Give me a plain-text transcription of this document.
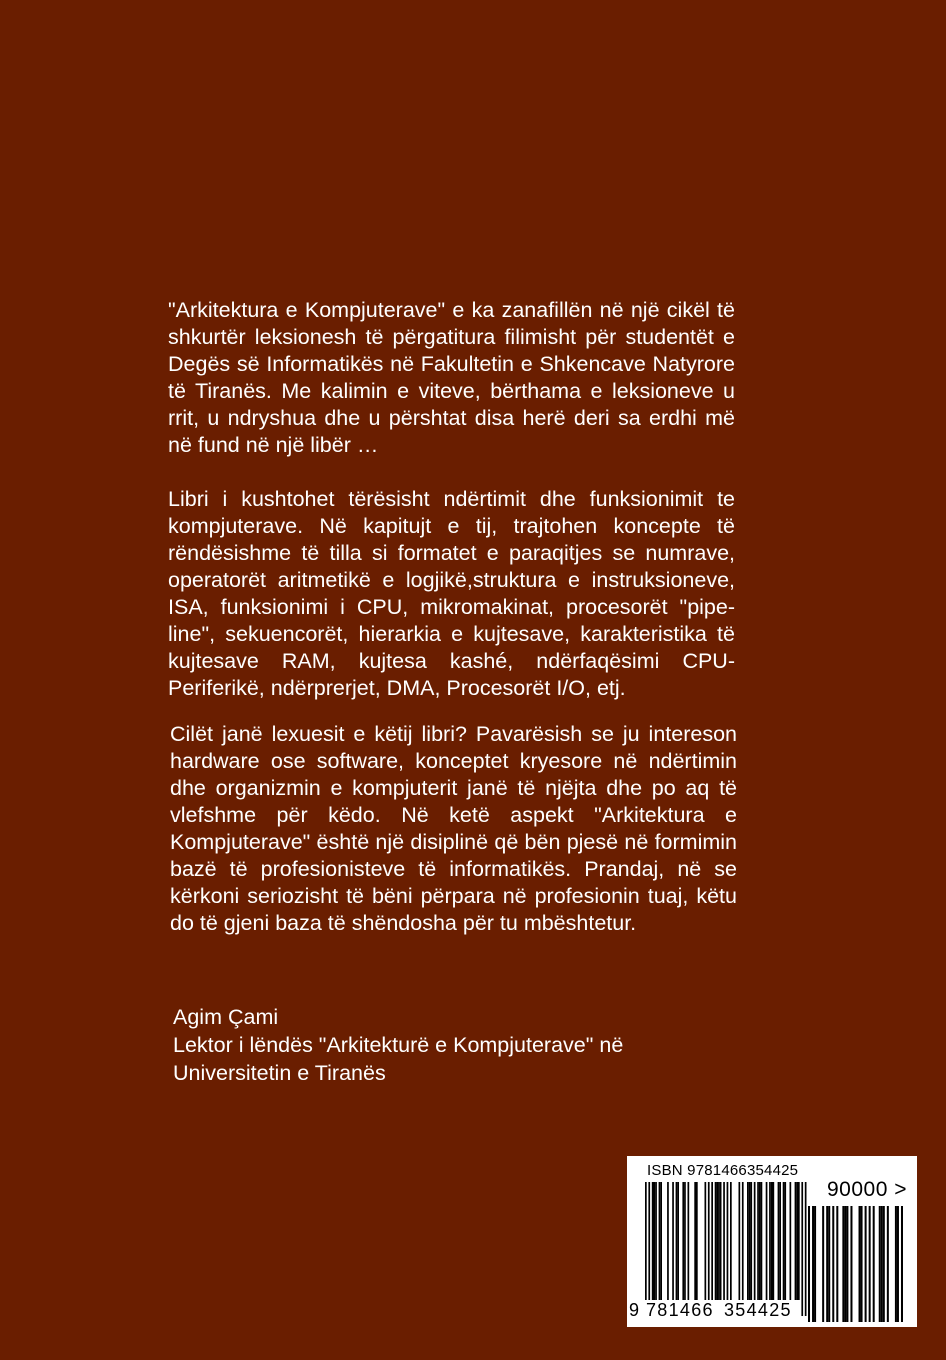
"Arkitektura e Kompjuterave" e ka zanafillën në një cikël të shkurtër leksionesh të përgatitura filimisht për studentët e Degës së Informatikës në Fakultetin e Shkencave Natyrore të Tiranës. Me kalimin e viteve, bërthama e leksioneve u rrit, u ndryshua dhe u përshtat disa herë deri sa erdhi më në fund në një libër …

Libri i kushtohet tërësisht ndërtimit dhe funksionimit te kompjuterave. Në kapitujt e tij, trajtohen koncepte të rëndësishme të tilla si formatet e paraqitjes se numrave, operatorët aritmetikë e logjikë,struktura e instruksioneve, ISA, funksionimi i CPU, mikromakinat, procesorët "pipe-line", sekuencorët, hierarkia e kujtesave, karakteristika të kujtesave RAM, kujtesa kashé, ndërfaqësimi CPU-Periferikë, ndërprerjet, DMA, Procesorët I/O, etj.

Cilët janë lexuesit e këtij libri? Pavarësish se ju intereson hardware ose software, konceptet kryesore në ndërtimin dhe organizmin e kompjuterit janë të njëjta dhe po aq të vlefshme për këdo. Në ketë aspekt "Arkitektura e Kompjuterave" është një disiplinë që bën pjesë në formimin bazë të profesionisteve të informatikës. Prandaj, në se kërkoni seriozisht të bëni përpara në profesionin tuaj, këtu do të gjeni baza të shëndosha për tu mbështetur.

Agim Çami
Lektor i lëndës "Arkitekturë e Kompjuterave" në
Universitetin e Tiranës
ISBN 9781466354425
90000 >
9 781466 354425
